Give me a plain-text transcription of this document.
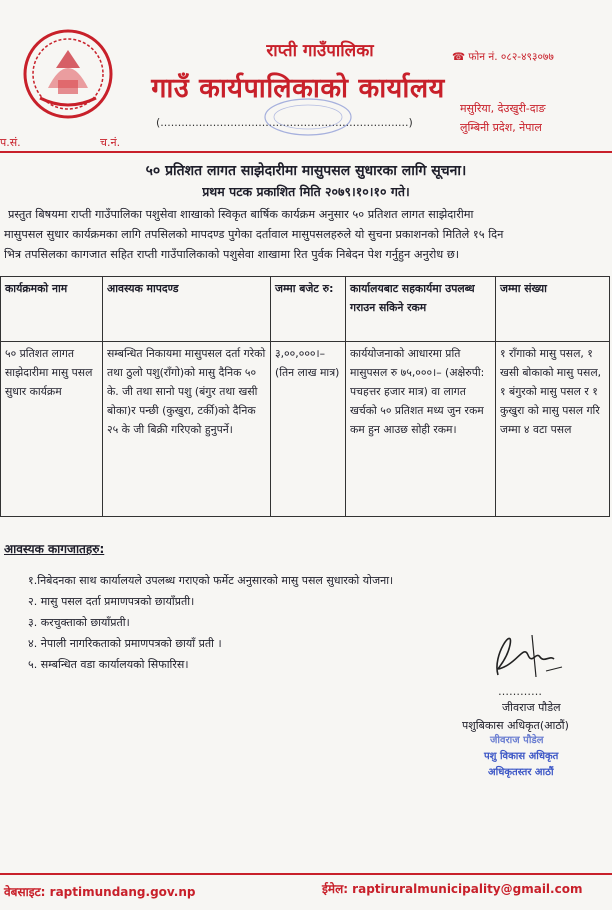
राप्ती गाउँपालिका
गाउँ कार्यपालिकाको कार्यालय
☎ फोन नं. ०८२-४९३०७७
मसुरिया, देउखुरी-दाङ
लुम्बिनी प्रदेश, नेपाल
प.सं.	च.नं.
(.......................................................................)
५० प्रतिशत लागत साझेदारीमा मासुपसल सुधारका लागि सूचना।
प्रथम पटक प्रकाशित मिति २०७९।१०।१० गते।
प्रस्तुत बिषयमा राप्ती गाउँपालिका पशुसेवा शाखाको स्विकृत बार्षिक कार्यक्रम अनुसार ५० प्रतिशत लागत साझेदारीमा
मासुपसल सुधार कार्यक्रमका लागि तपसिलको मापदण्ड पुगेका दर्तावाल मासुपसलहरुले यो सुचना प्रकाशनको मितिले १५ दिन
भित्र तपसिलका कागजात सहित राप्ती गाउँपालिकाको पशुसेवा शाखामा रित पुर्वक निबेदन पेश गर्नुहुन अनुरोध छ।
कार्यक्रमको नाम	आवस्यक मापदण्ड	जम्मा बजेट रु:	कार्यालयबाट सहकार्यमा उपलब्ध गराउन सकिने रकम	जम्मा संख्या
५० प्रतिशत लागत साझेदारीमा मासु पसल सुधार कार्यक्रम	सम्बन्धित निकायमा मासुपसल दर्ता गरेको तथा ठुलो पशु(राँगो)को मासु दैनिक ५० के. जी तथा सानो पशु (बंगुर तथा खसी बोका)र पन्छी (कुखुरा, टर्की)को दैनिक २५ के जी बिक्री गरिएको हुनुपर्ने।	३,००,०००।– (तिन लाख मात्र)	कार्ययोजनाको आधारमा प्रति मासुपसल रु ७५,०००।– (अक्षेरुपी: पचहत्तर हजार मात्र) वा लागत खर्चको ५० प्रतिशत मध्य जुन रकम कम हुन आउछ सोही रकम।	१ राँगाको मासु पसल, १ खसी बोकाको मासु पसल, १ बंगुरको मासु पसल र १ कुखुरा को मासु पसल गरि जम्मा ४ वटा पसल
आवस्यक कागजातहरु:
१.निबेदनका साथ कार्यालयले उपलब्ध गराएको फर्मेट अनुसारको मासु पसल सुधारको योजना।
२. मासु पसल दर्ता प्रमाणपत्रको छायाँप्रती।
३. करचुक्ताको छायाँप्रती।
४. नेपाली नागरिकताको प्रमाणपत्रको छायाँ प्रती ।
५. सम्बन्धित वडा कार्यालयको सिफारिस।
…………
जीवराज पौडेल
पशुबिकास अधिकृत(आठौं)
जीवराज पौडेल
पशु विकास अधिकृत
अधिकृतस्तर आठौं
वेबसाइट: raptimundang.gov.np	ईमेल: raptiruralmunicipality@gmail.com
